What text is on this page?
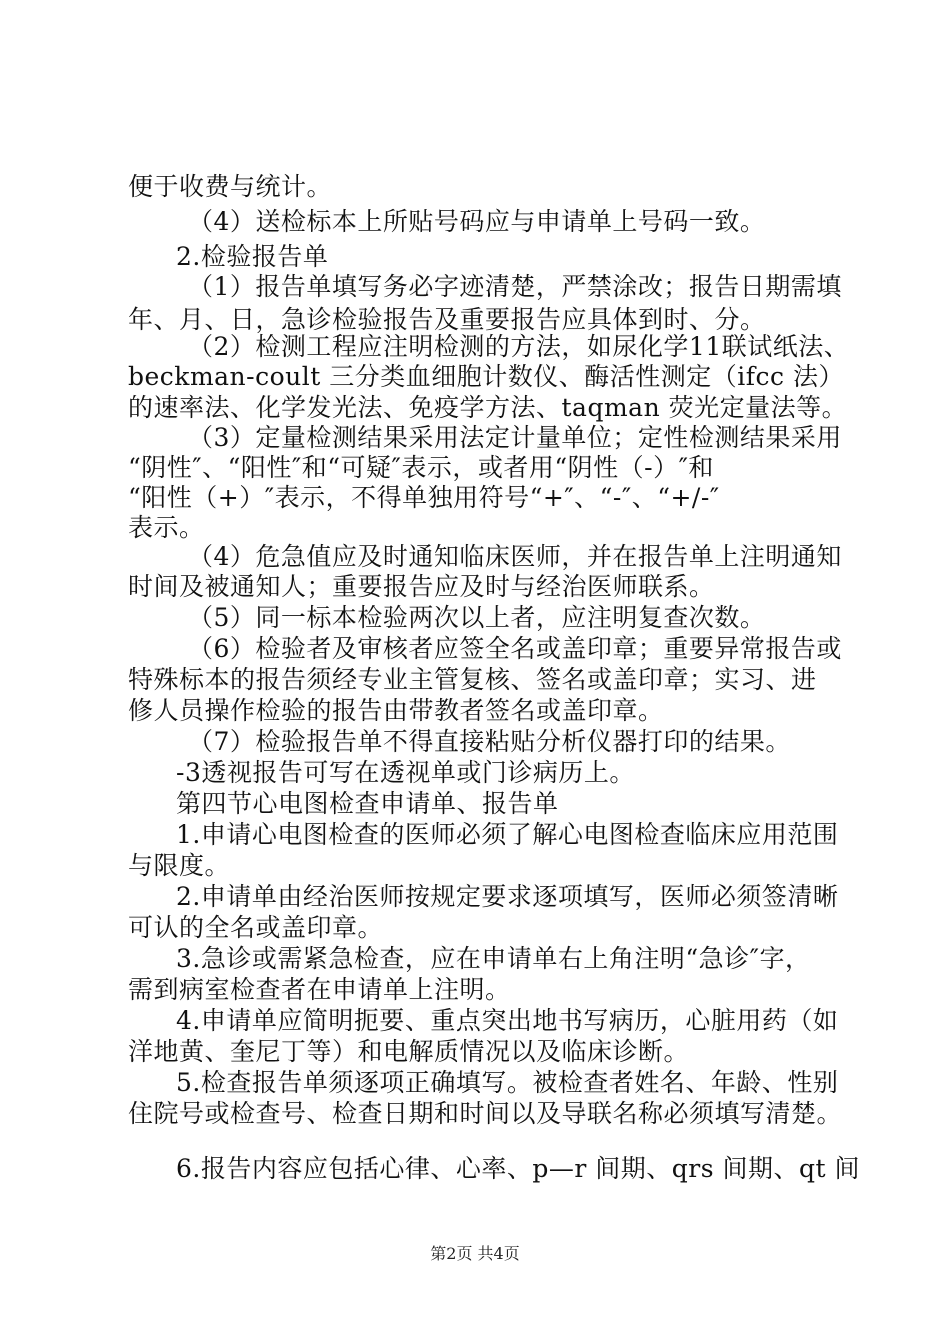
便于收费与统计。
（4）送检标本上所贴号码应与申请单上号码一致。
2.检验报告单
（1）报告单填写务必字迹清楚，严禁涂改；报告日期需填
年、月、日，急诊检验报告及重要报告应具体到时、分。
（2）检测工程应注明检测的方法，如尿化学11联试纸法、
beckman-coult 三分类血细胞计数仪、酶活性测定（ifcc 法）
的速率法、化学发光法、免疫学方法、taqman 荧光定量法等。
（3）定量检测结果采用法定计量单位；定性检测结果采用
“阴性″、“阳性″和“可疑″表示，或者用“阴性（-）″和
“阳性（+）″表示，不得单独用符号“+″、“-″、“+/-″
表示。
（4）危急值应及时通知临床医师，并在报告单上注明通知
时间及被通知人；重要报告应及时与经治医师联系。
（5）同一标本检验两次以上者，应注明复查次数。
（6）检验者及审核者应签全名或盖印章；重要异常报告或
特殊标本的报告须经专业主管复核、签名或盖印章；实习、进
修人员操作检验的报告由带教者签名或盖印章。
（7）检验报告单不得直接粘贴分析仪器打印的结果。
-3透视报告可写在透视单或门诊病历上。
第四节心电图检查申请单、报告单
1.申请心电图检查的医师必须了解心电图检查临床应用范围
与限度。
2.申请单由经治医师按规定要求逐项填写，医师必须签清晰
可认的全名或盖印章。
3.急诊或需紧急检查，应在申请单右上角注明“急诊″字，
需到病室检查者在申请单上注明。
4.申请单应简明扼要、重点突出地书写病历，心脏用药（如
洋地黄、奎尼丁等）和电解质情况以及临床诊断。
5.检查报告单须逐项正确填写。被检查者姓名、年龄、性别
住院号或检查号、检查日期和时间以及导联名称必须填写清楚。
6.报告内容应包括心律、心率、p—r 间期、qrs 间期、qt 间
第2页 共4页
